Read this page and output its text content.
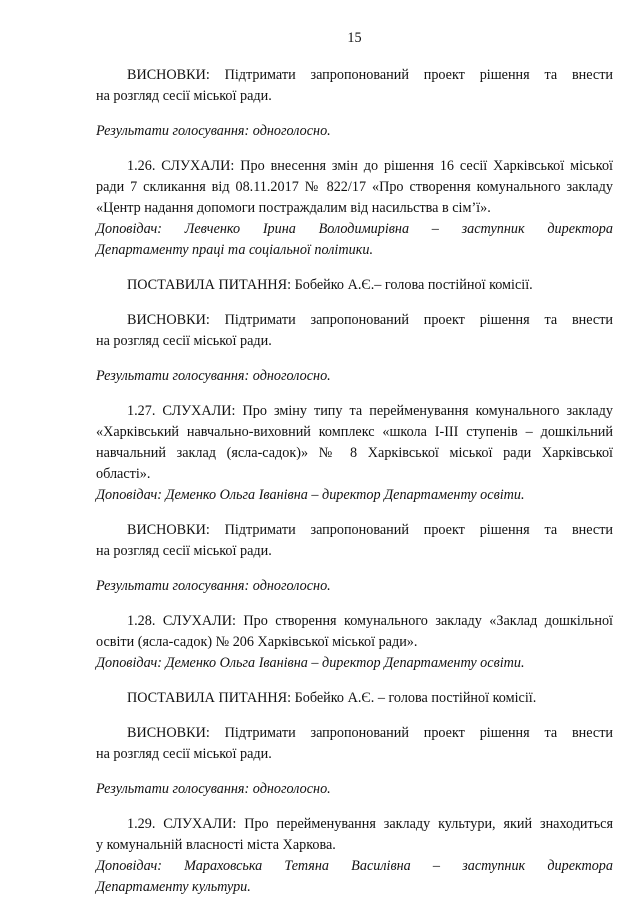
15

ВИСНОВКИ: Підтримати запропонований проект рішення та внести

на розгляд сесії міської ради.

Результати голосування: одноголосно.

1.26. СЛУХАЛИ: Про внесення змін до рішення 16 сесії Харківської міської

ради 7 скликання від 08.11.2017 № 822/17 «Про створення комунального закладу

«Центр надання допомоги постраждалим від насильства в сім’ї».

Доповідач: Левченко Ірина Володимирівна – заступник директора

Департаменту праці та соціальної політики.

ПОСТАВИЛА ПИТАННЯ: Бобейко А.Є.– голова постійної комісії.

ВИСНОВКИ: Підтримати запропонований проект рішення та внести

на розгляд сесії міської ради.

Результати голосування: одноголосно.

1.27. СЛУХАЛИ: Про зміну типу та перейменування комунального закладу

«Харківський навчально-виховний комплекс «школа I-III ступенів – дошкільний

навчальний заклад (ясла-садок)» № 8 Харківської міської ради Харківської

області».

Доповідач: Деменко Ольга Іванівна – директор Департаменту освіти.

ВИСНОВКИ: Підтримати запропонований проект рішення та внести

на розгляд сесії міської ради.

Результати голосування: одноголосно.

1.28. СЛУХАЛИ: Про створення комунального закладу «Заклад дошкільної

освіти (ясла-садок) № 206 Харківської міської ради».

Доповідач: Деменко Ольга Іванівна – директор Департаменту освіти.

ПОСТАВИЛА ПИТАННЯ: Бобейко А.Є. – голова постійної комісії.

ВИСНОВКИ: Підтримати запропонований проект рішення та внести

на розгляд сесії міської ради.

Результати голосування: одноголосно.

1.29. СЛУХАЛИ: Про перейменування закладу культури, який знаходиться

у комунальній власності міста Харкова.

Доповідач: Мараховська Тетяна Василівна – заступник директора

Департаменту культури.
